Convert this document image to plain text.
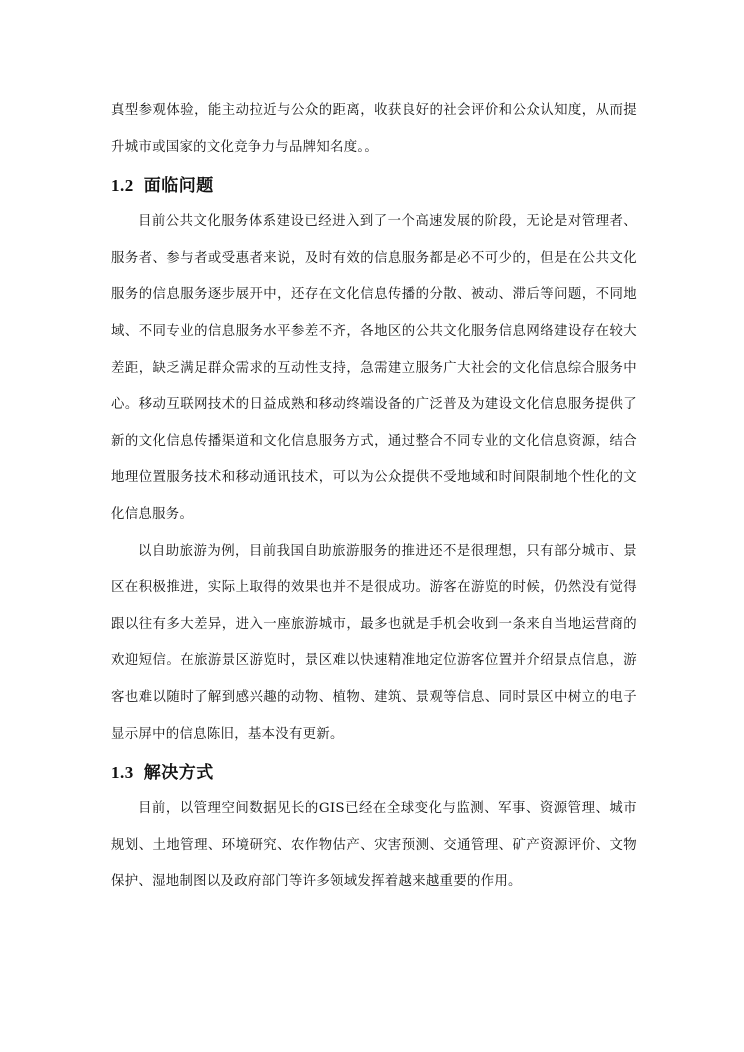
真型参观体验，能主动拉近与公众的距离，收获良好的社会评价和公众认知度，从而提升城市或国家的文化竞争力与品牌知名度。。

1.2 面临问题

目前公共文化服务体系建设已经进入到了一个高速发展的阶段，无论是对管理者、服务者、参与者或受惠者来说，及时有效的信息服务都是必不可少的，但是在公共文化服务的信息服务逐步展开中，还存在文化信息传播的分散、被动、滞后等问题，不同地域、不同专业的信息服务水平参差不齐，各地区的公共文化服务信息网络建设存在较大差距，缺乏满足群众需求的互动性支持，急需建立服务广大社会的文化信息综合服务中心。移动互联网技术的日益成熟和移动终端设备的广泛普及为建设文化信息服务提供了新的文化信息传播渠道和文化信息服务方式，通过整合不同专业的文化信息资源，结合地理位置服务技术和移动通讯技术，可以为公众提供不受地域和时间限制地个性化的文化信息服务。

以自助旅游为例，目前我国自助旅游服务的推进还不是很理想，只有部分城市、景区在积极推进，实际上取得的效果也并不是很成功。游客在游览的时候，仍然没有觉得跟以往有多大差异，进入一座旅游城市，最多也就是手机会收到一条来自当地运营商的欢迎短信。在旅游景区游览时，景区难以快速精准地定位游客位置并介绍景点信息，游客也难以随时了解到感兴趣的动物、植物、建筑、景观等信息、同时景区中树立的电子显示屏中的信息陈旧，基本没有更新。

1.3 解决方式

目前，以管理空间数据见长的GIS已经在全球变化与监测、军事、资源管理、城市规划、土地管理、环境研究、农作物估产、灾害预测、交通管理、矿产资源评价、文物保护、湿地制图以及政府部门等许多领域发挥着越来越重要的作用。
